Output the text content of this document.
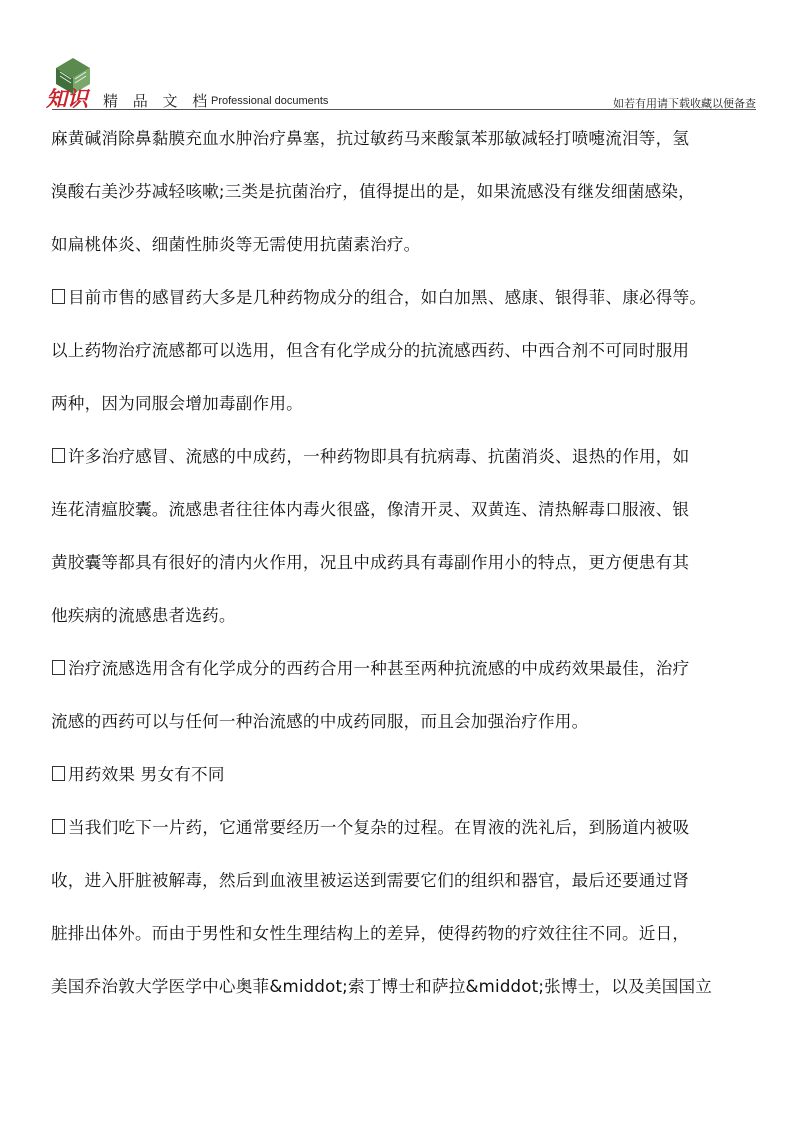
知识 精 品 文 档
Professional documents	如若有用请下载收藏以便备查
麻黄碱消除鼻黏膜充血水肿治疗鼻塞，抗过敏药马来酸氯苯那敏减轻打喷嚏流泪等，氢
溴酸右美沙芬减轻咳嗽;三类是抗菌治疗，值得提出的是，如果流感没有继发细菌感染，
如扁桃体炎、细菌性肺炎等无需使用抗菌素治疗。
目前市售的感冒药大多是几种药物成分的组合，如白加黑、感康、银得菲、康必得等。
以上药物治疗流感都可以选用，但含有化学成分的抗流感西药、中西合剂不可同时服用
两种，因为同服会增加毒副作用。
许多治疗感冒、流感的中成药，一种药物即具有抗病毒、抗菌消炎、退热的作用，如
连花清瘟胶囊。流感患者往往体内毒火很盛，像清开灵、双黄连、清热解毒口服液、银
黄胶囊等都具有很好的清内火作用，况且中成药具有毒副作用小的特点，更方便患有其
他疾病的流感患者选药。
治疗流感选用含有化学成分的西药合用一种甚至两种抗流感的中成药效果最佳，治疗
流感的西药可以与任何一种治流感的中成药同服，而且会加强治疗作用。
用药效果 男女有不同
当我们吃下一片药，它通常要经历一个复杂的过程。在胃液的洗礼后，到肠道内被吸
收，进入肝脏被解毒，然后到血液里被运送到需要它们的组织和器官，最后还要通过肾
脏排出体外。而由于男性和女性生理结构上的差异，使得药物的疗效往往不同。近日，
美国乔治敦大学医学中心奥菲&middot;索丁博士和萨拉&middot;张博士，以及美国国立
